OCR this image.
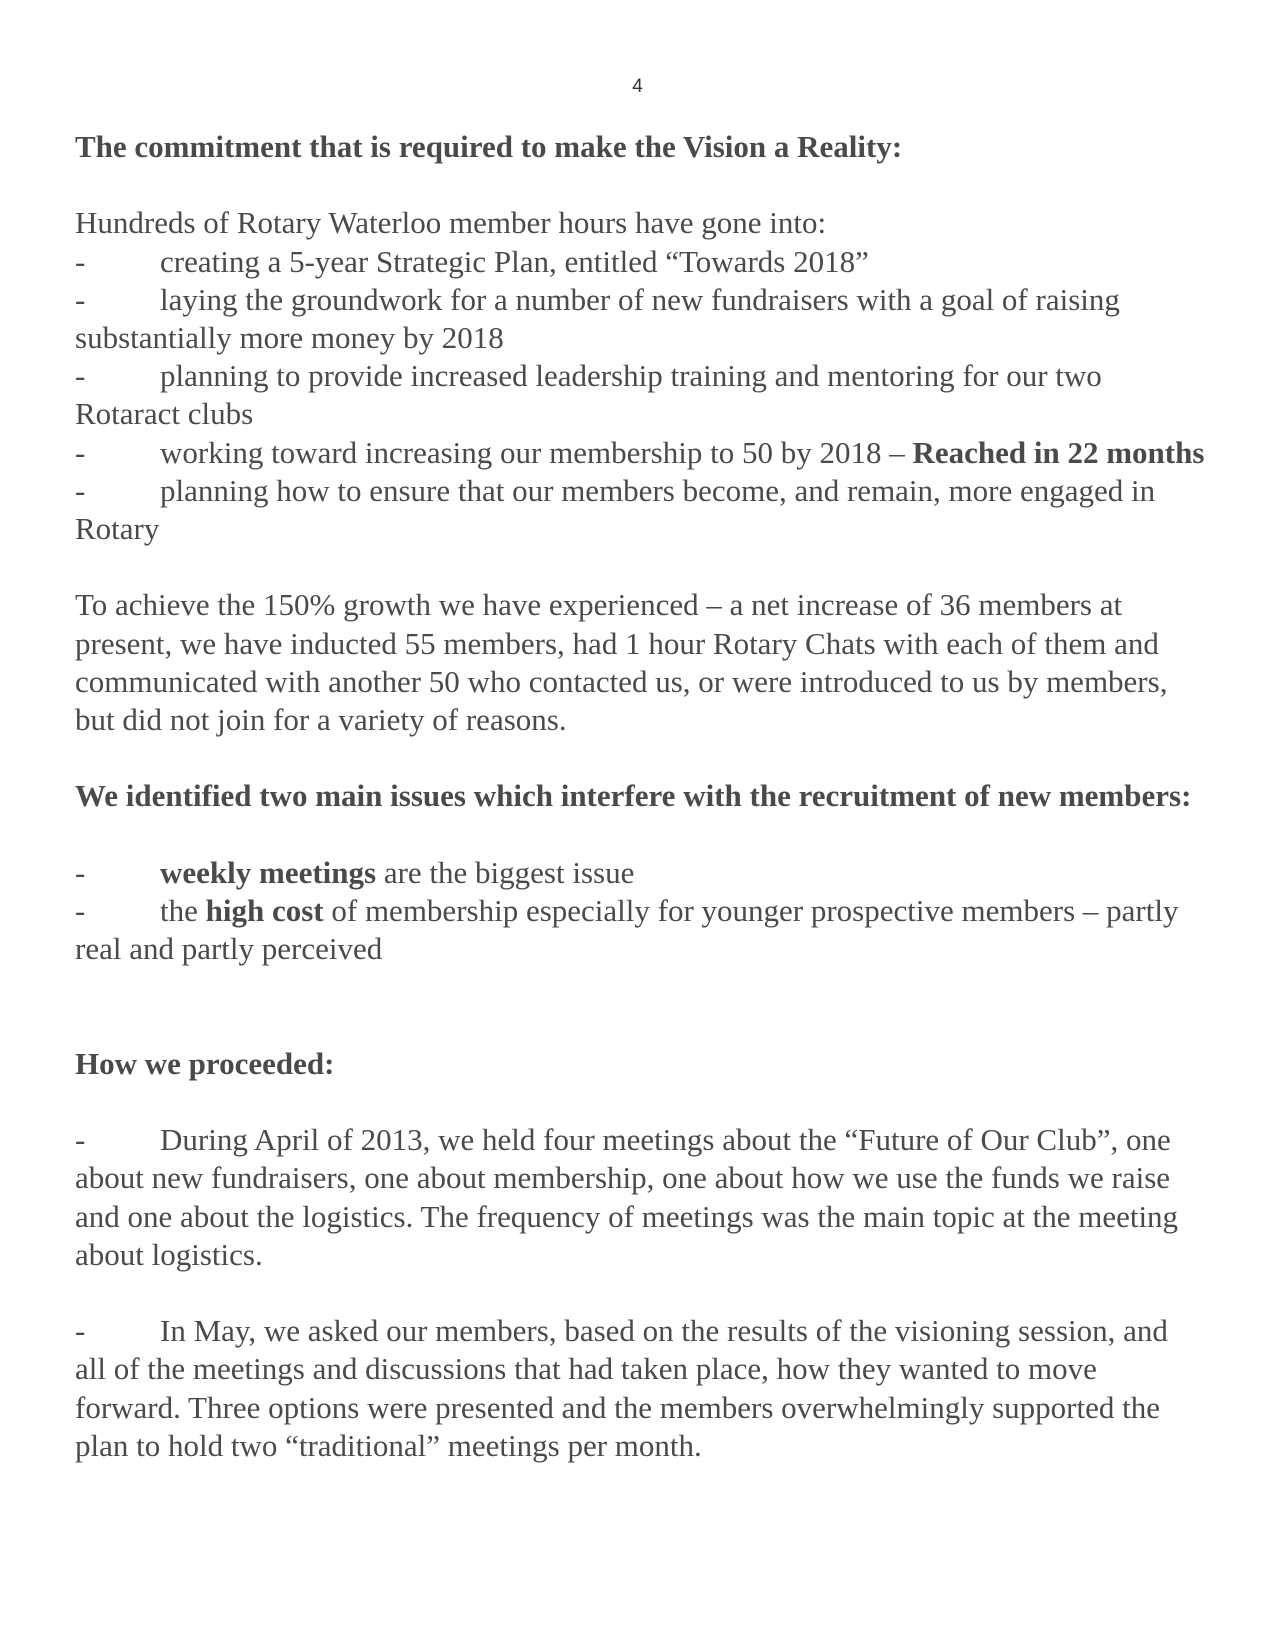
4

The commitment that is required to make the Vision a Reality:

Hundreds of Rotary Waterloo member hours have gone into:

- creating a 5-year Strategic Plan, entitled “Towards 2018”

- laying the groundwork for a number of new fundraisers with a goal of raising substantially more money by 2018

- planning to provide increased leadership training and mentoring for our two Rotaract clubs

- working toward increasing our membership to 50 by 2018 – Reached in 22 months

- planning how to ensure that our members become, and remain, more engaged in Rotary

To achieve the 150% growth we have experienced – a net increase of 36 members at present, we have inducted 55 members, had 1 hour Rotary Chats with each of them and communicated with another 50 who contacted us, or were introduced to us by members, but did not join for a variety of reasons.

We identified two main issues which interfere with the recruitment of new members:

- weekly meetings are the biggest issue

- the high cost of membership especially for younger prospective members – partly real and partly perceived

How we proceeded:

- During April of 2013, we held four meetings about the “Future of Our Club”, one about new fundraisers, one about membership, one about how we use the funds we raise and one about the logistics. The frequency of meetings was the main topic at the meeting about logistics.

- In May, we asked our members, based on the results of the visioning session, and all of the meetings and discussions that had taken place, how they wanted to move forward. Three options were presented and the members overwhelmingly supported the plan to hold two “traditional” meetings per month.
